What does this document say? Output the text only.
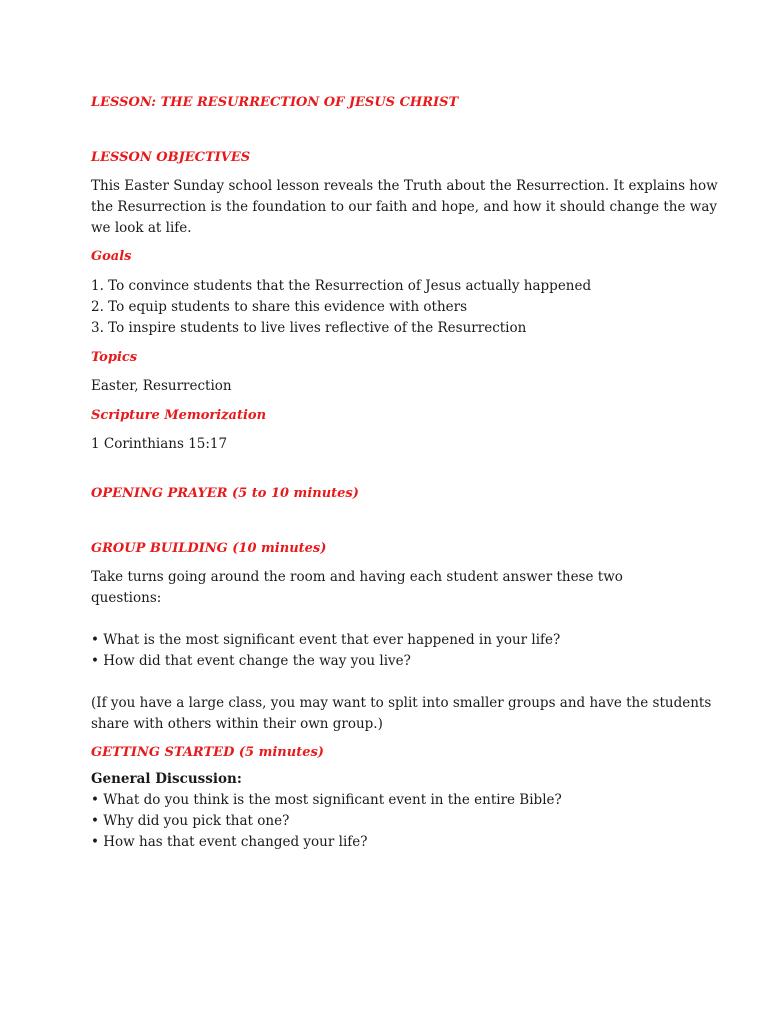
LESSON: THE RESURRECTION OF JESUS CHRIST

LESSON OBJECTIVES

This Easter Sunday school lesson reveals the Truth about the Resurrection. It explains how
the Resurrection is the foundation to our faith and hope, and how it should change the way
we look at life.

Goals

1. To convince students that the Resurrection of Jesus actually happened
2. To equip students to share this evidence with others
3. To inspire students to live lives reflective of the Resurrection

Topics

Easter, Resurrection

Scripture Memorization

1 Corinthians 15:17

OPENING PRAYER (5 to 10 minutes)

GROUP BUILDING (10 minutes)

Take turns going around the room and having each student answer these two questions:

• What is the most significant event that ever happened in your life?
• How did that event change the way you live?

(If you have a large class, you may want to split into smaller groups and have the students
share with others within their own group.)

GETTING STARTED (5 minutes)

General Discussion:
• What do you think is the most significant event in the entire Bible?
• Why did you pick that one?
• How has that event changed your life?
